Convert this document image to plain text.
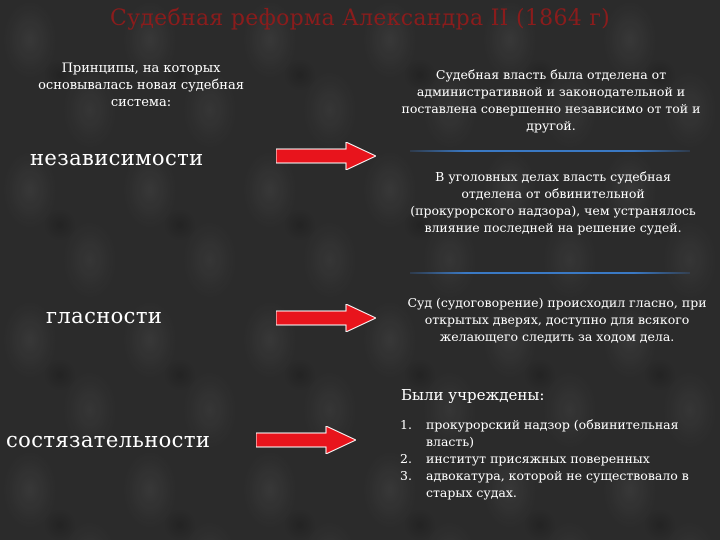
Судебная реформа Александра II (1864 г)
Принципы, на которых основывалась новая судебная система:
независимости
гласности
состязательности
Судебная власть была отделена от административной и законодательной и поставлена совершенно независимо от той и другой.
В уголовных делах власть судебная отделена от обвинительной (прокурорского надзора), чем устранялось влияние последней на решение судей.
Суд (судоговорение) происходил гласно, при открытых дверях, доступно для всякого желающего следить за ходом дела.
Были учреждены:
1.	прокурорский надзор (обвинительная власть)
2.	институт присяжных поверенных
3.	адвокатура, которой не существовало в старых судах.
